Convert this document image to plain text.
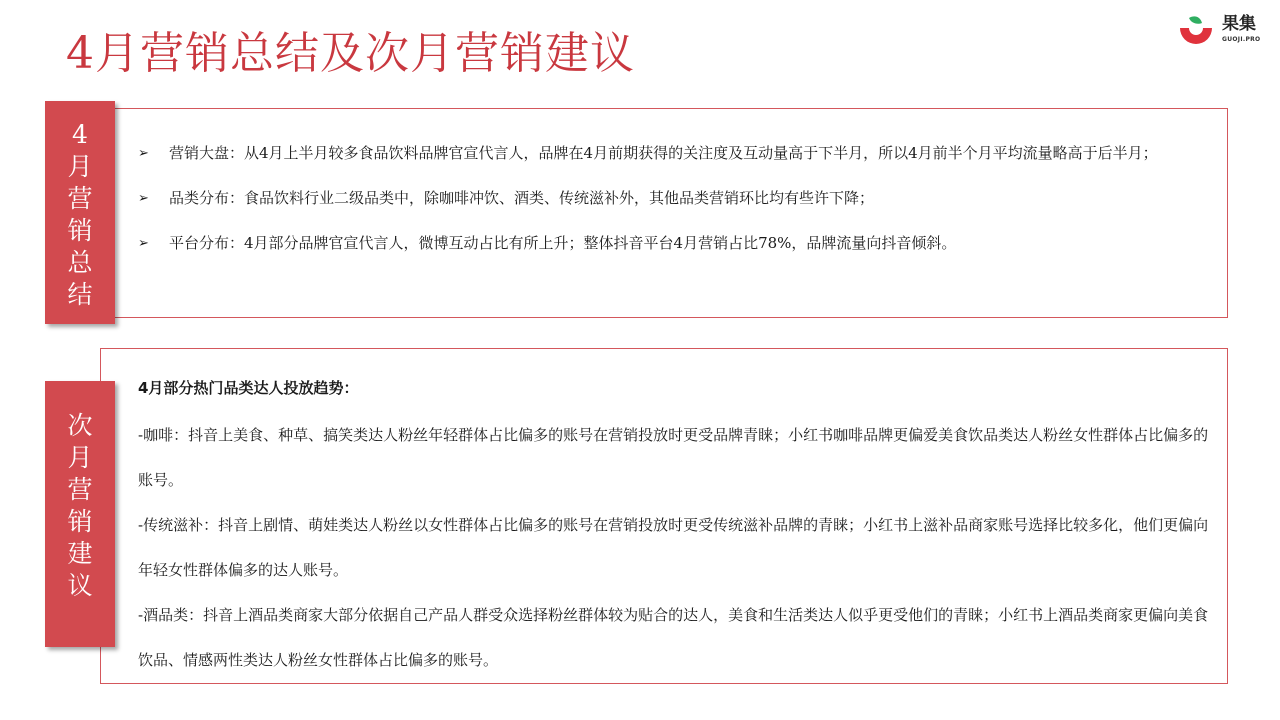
4月营销总结及次月营销建议
果集
GUOJI.PRO
4
月
营
销
总
结
➢ 营销大盘：从4月上半月较多食品饮料品牌官宣代言人，品牌在4月前期获得的关注度及互动量高于下半月，所以4月前半个月平均流量略高于后半月；
➢ 品类分布：食品饮料行业二级品类中，除咖啡冲饮、酒类、传统滋补外，其他品类营销环比均有些许下降；
➢ 平台分布：4月部分品牌官宣代言人，微博互动占比有所上升；整体抖音平台4月营销占比78%，品牌流量向抖音倾斜。
次
月
营
销
建
议

4月部分热门品类达人投放趋势：

-咖啡：抖音上美食、种草、搞笑类达人粉丝年轻群体占比偏多的账号在营销投放时更受品牌青睐；小红书咖啡品牌更偏爱美食饮品类达人粉丝女性群体占比偏多的账号。

-传统滋补：抖音上剧情、萌娃类达人粉丝以女性群体占比偏多的账号在营销投放时更受传统滋补品牌的青睐；小红书上滋补品商家账号选择比较多化，他们更偏向年轻女性群体偏多的达人账号。

-酒品类：抖音上酒品类商家大部分依据自己产品人群受众选择粉丝群体较为贴合的达人，美食和生活类达人似乎更受他们的青睐；小红书上酒品类商家更偏向美食饮品、情感两性类达人粉丝女性群体占比偏多的账号。
